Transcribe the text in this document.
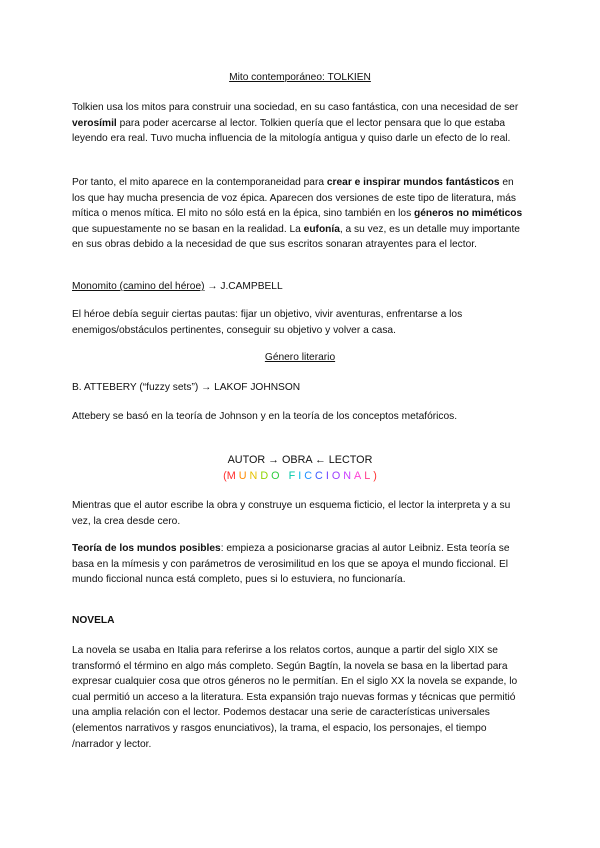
Mito contemporáneo: TOLKIEN

Tolkien usa los mitos para construir una sociedad, en su caso fantástica, con una necesidad de ser verosímil para poder acercarse al lector. Tolkien quería que el lector pensara que lo que estaba leyendo era real. Tuvo mucha influencia de la mitología antigua y quiso darle un efecto de lo real.

Por tanto, el mito aparece en la contemporaneidad para crear e inspirar mundos fantásticos en los que hay mucha presencia de voz épica. Aparecen dos versiones de este tipo de literatura, más mítica o menos mítica. El mito no sólo está en la épica, sino también en los géneros no miméticos que supuestamente no se basan en la realidad. La eufonía, a su vez, es un detalle muy importante en sus obras debido a la necesidad de que sus escritos sonaran atrayentes para el lector.

Monomito (camino del héroe) → J.CAMPBELL

El héroe debía seguir ciertas pautas: fijar un objetivo, vivir aventuras, enfrentarse a los enemigos/obstáculos pertinentes, conseguir su objetivo y volver a casa.

Género literario

B. ATTEBERY (“fuzzy sets”) → LAKOF JOHNSON

Attebery se basó en la teoría de Johnson y en la teoría de los conceptos metafóricos.

AUTOR → OBRA ← LECTOR
(MUNDO FICCIONAL)

Mientras que el autor escribe la obra y construye un esquema ficticio, el lector la interpreta y a su vez, la crea desde cero.

Teoría de los mundos posibles: empieza a posicionarse gracias al autor Leibniz. Esta teoría se basa en la mímesis y con parámetros de verosimilitud en los que se apoya el mundo ficcional. El mundo ficcional nunca está completo, pues si lo estuviera, no funcionaría.

NOVELA

La novela se usaba en Italia para referirse a los relatos cortos, aunque a partir del siglo XIX se transformó el término en algo más completo. Según Bagtín, la novela se basa en la libertad para expresar cualquier cosa que otros géneros no le permitían. En el siglo XX la novela se expande, lo cual permitió un acceso a la literatura. Esta expansión trajo nuevas formas y técnicas que permitió una amplia relación con el lector. Podemos destacar una serie de características universales (elementos narrativos y rasgos enunciativos), la trama, el espacio, los personajes, el tiempo /narrador y lector.
